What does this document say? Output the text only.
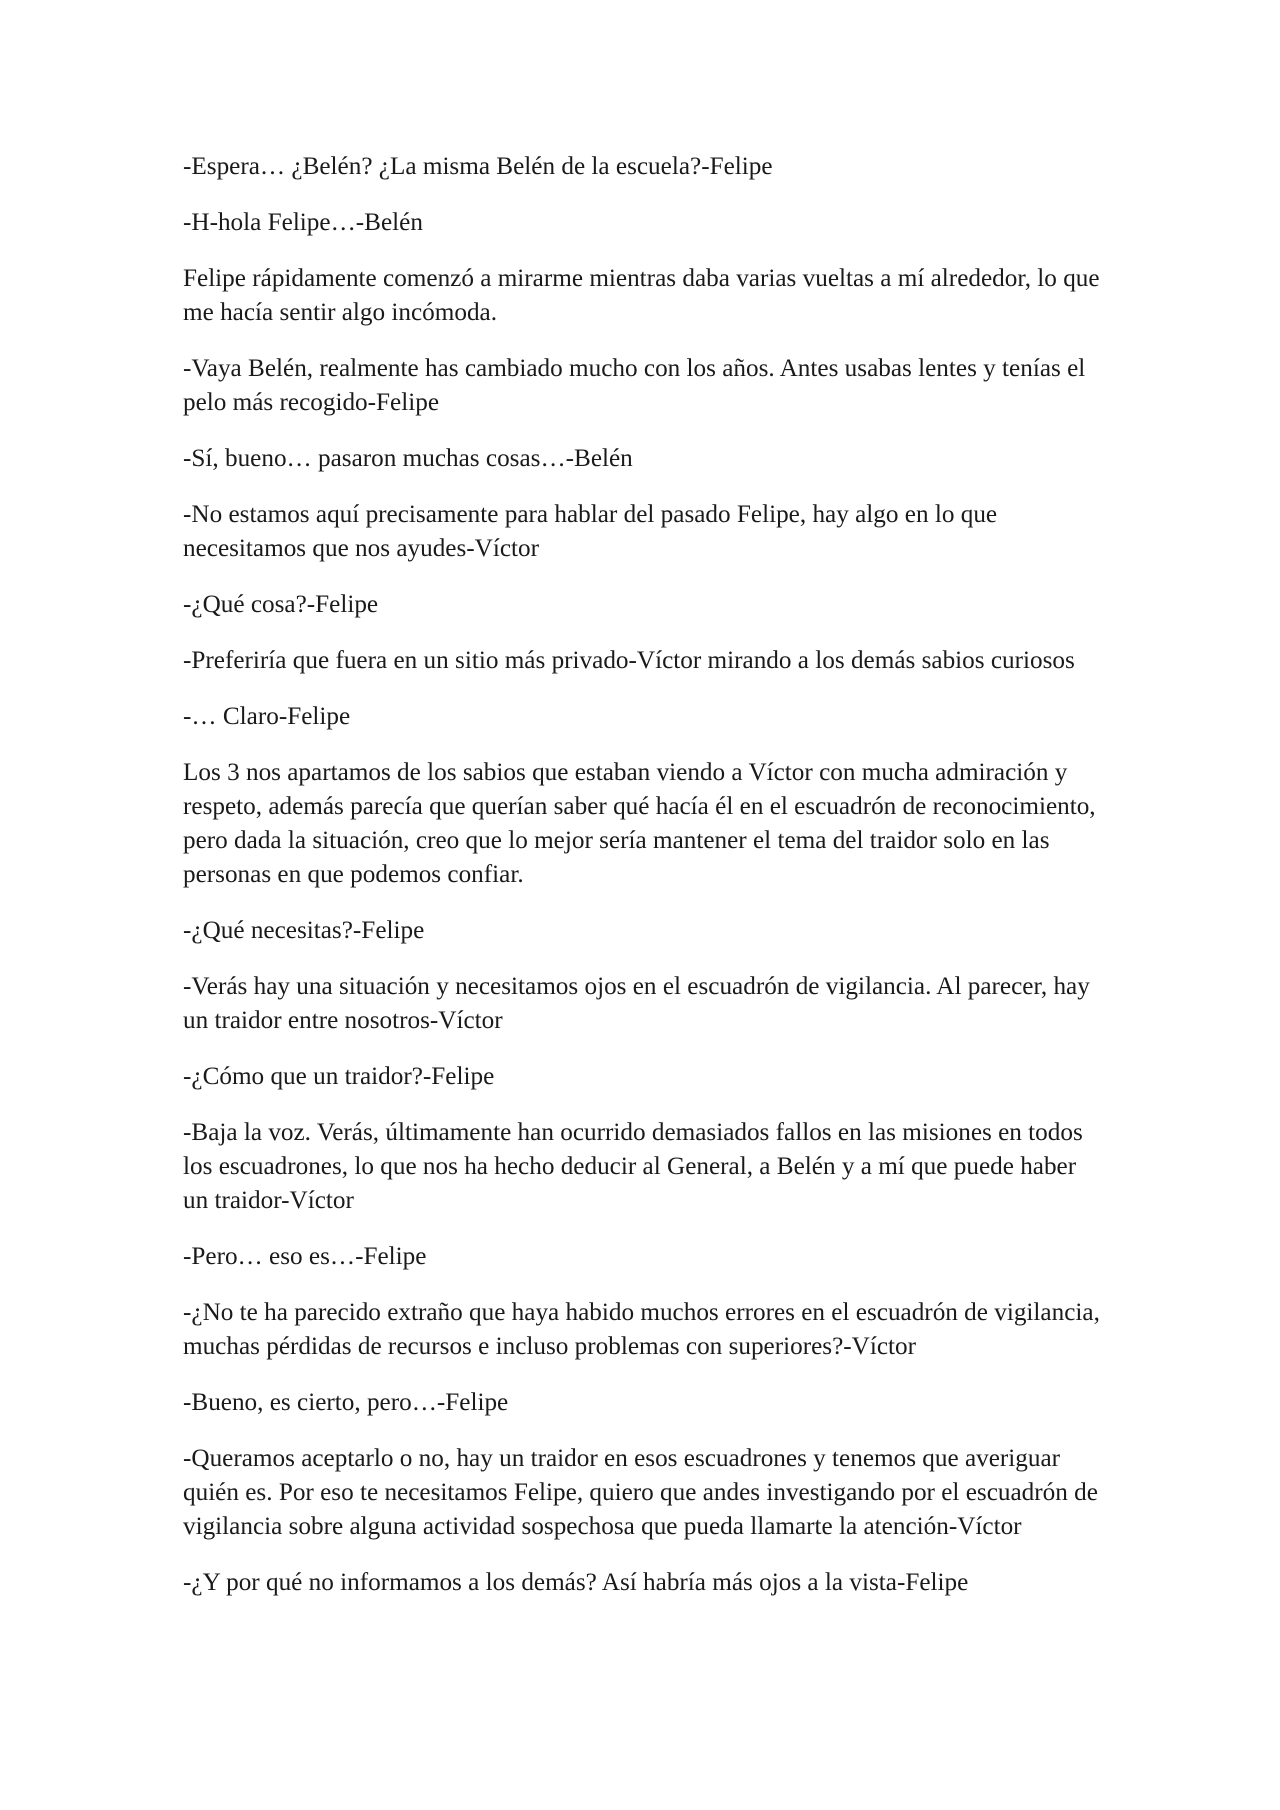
-Espera… ¿Belén? ¿La misma Belén de la escuela?-Felipe

-H-hola Felipe…-Belén

Felipe rápidamente comenzó a mirarme mientras daba varias vueltas a mí alrededor, lo que me hacía sentir algo incómoda.

-Vaya Belén, realmente has cambiado mucho con los años. Antes usabas lentes y tenías el pelo más recogido-Felipe

-Sí, bueno… pasaron muchas cosas…-Belén

-No estamos aquí precisamente para hablar del pasado Felipe, hay algo en lo que necesitamos que nos ayudes-Víctor

-¿Qué cosa?-Felipe

-Preferiría que fuera en un sitio más privado-Víctor mirando a los demás sabios curiosos

-… Claro-Felipe

Los 3 nos apartamos de los sabios que estaban viendo a Víctor con mucha admiración y respeto, además parecía que querían saber qué hacía él en el escuadrón de reconocimiento, pero dada la situación, creo que lo mejor sería mantener el tema del traidor solo en las personas en que podemos confiar.

-¿Qué necesitas?-Felipe

-Verás hay una situación y necesitamos ojos en el escuadrón de vigilancia. Al parecer, hay un traidor entre nosotros-Víctor

-¿Cómo que un traidor?-Felipe

-Baja la voz. Verás, últimamente han ocurrido demasiados fallos en las misiones en todos los escuadrones, lo que nos ha hecho deducir al General, a Belén y a mí que puede haber un traidor-Víctor

-Pero… eso es…-Felipe

-¿No te ha parecido extraño que haya habido muchos errores en el escuadrón de vigilancia, muchas pérdidas de recursos e incluso problemas con superiores?-Víctor

-Bueno, es cierto, pero…-Felipe

-Queramos aceptarlo o no, hay un traidor en esos escuadrones y tenemos que averiguar quién es. Por eso te necesitamos Felipe, quiero que andes investigando por el escuadrón de vigilancia sobre alguna actividad sospechosa que pueda llamarte la atención-Víctor

-¿Y por qué no informamos a los demás? Así habría más ojos a la vista-Felipe
